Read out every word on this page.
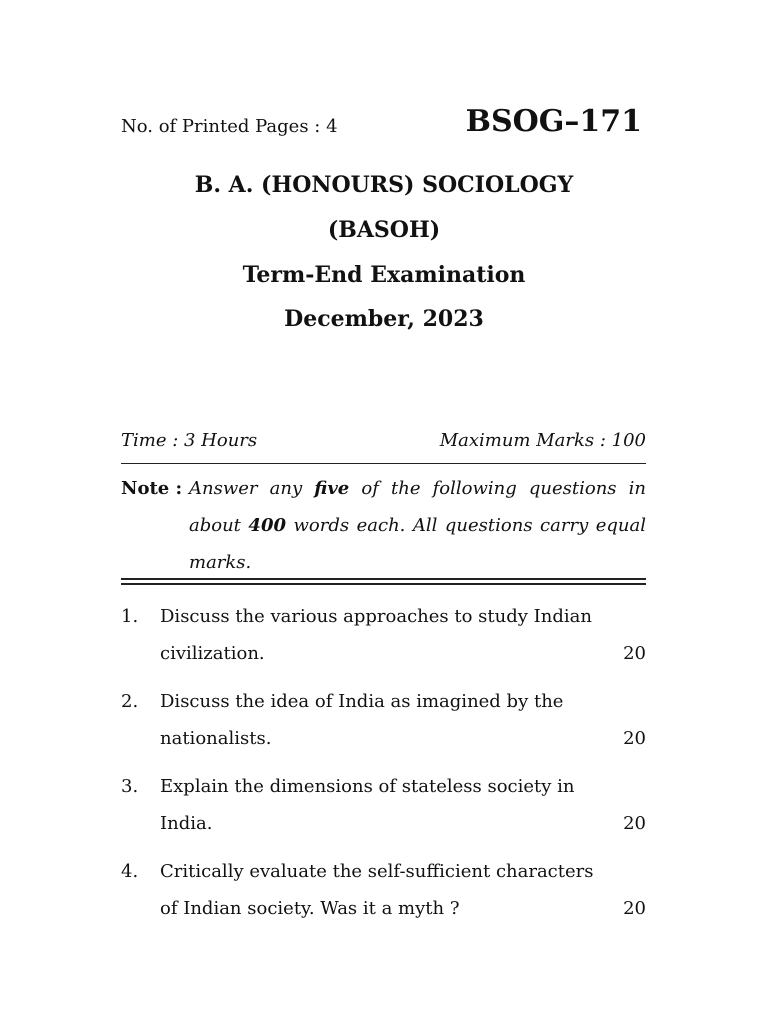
No. of Printed Pages : 4	BSOG–171
B. A. (HONOURS) SOCIOLOGY
(BASOH)
Term-End Examination
December, 2023
Time : 3 Hours	Maximum Marks : 100
Note : Answer any five of the following questions in about 400 words each. All questions carry equal marks.
1. Discuss the various approaches to study Indian
civilization.	20
2. Discuss the idea of India as imagined by the
nationalists.	20
3. Explain the dimensions of stateless society in
India.	20
4. Critically evaluate the self-sufficient characters
of Indian society. Was it a myth ?	20
